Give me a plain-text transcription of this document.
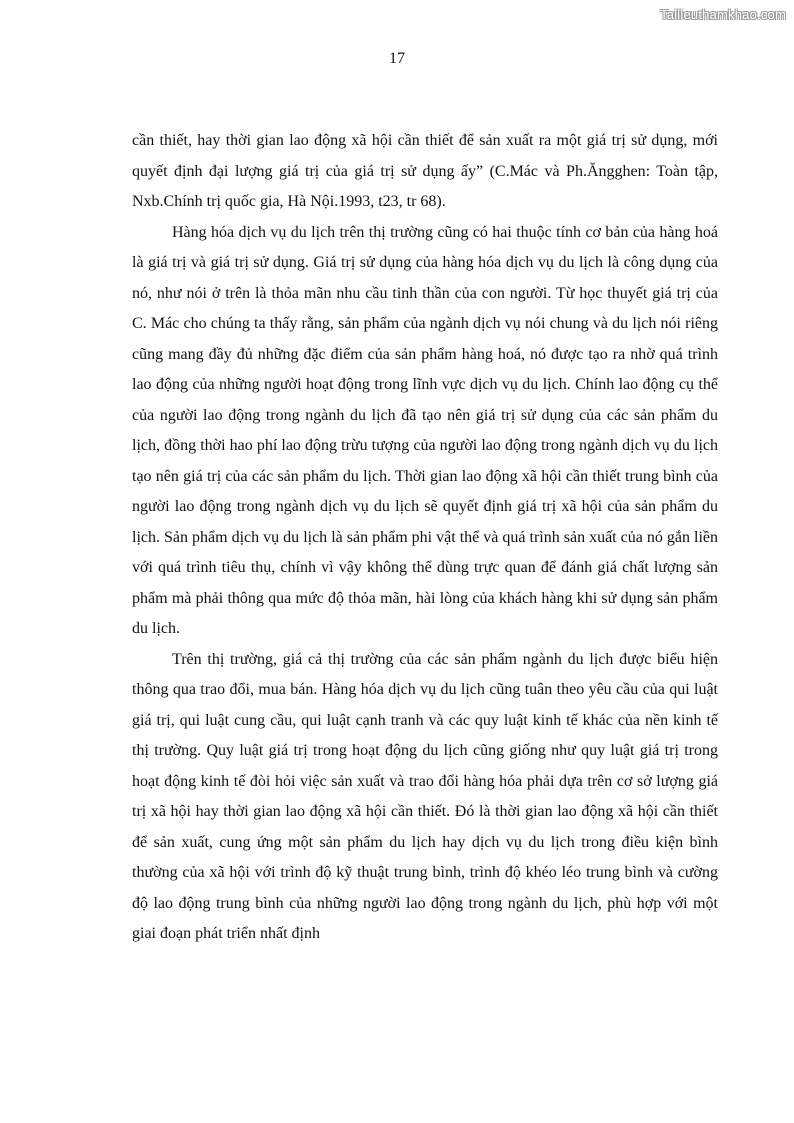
Tailieuthamkhao.com
17

cần thiết, hay thời gian lao động xã hội cần thiết để sản xuất ra một giá trị sử dụng, mới quyết định đại lượng giá trị của giá trị sử dụng ấy” (C.Mác và Ph.Ăngghen: Toàn tập, Nxb.Chính trị quốc gia, Hà Nội.1993, t23, tr 68).

Hàng hóa dịch vụ du lịch trên thị trường cũng có hai thuộc tính cơ bản của hàng hoá là giá trị và giá trị sử dụng. Giá trị sử dụng của hàng hóa dịch vụ du lịch là công dụng của nó, như nói ở trên là thỏa mãn nhu cầu tinh thần của con người. Từ học thuyết giá trị của C. Mác cho chúng ta thấy rằng, sản phẩm của ngành dịch vụ nói chung và du lịch nói riêng cũng mang đầy đủ những đặc điểm của sản phẩm hàng hoá, nó được tạo ra nhờ quá trình lao động của những người hoạt động trong lĩnh vực dịch vụ du lịch. Chính lao động cụ thể của người lao động trong ngành du lịch đã tạo nên giá trị sử dụng của các sản phẩm du lịch, đồng thời hao phí lao động trừu tượng của người lao động trong ngành dịch vụ du lịch tạo nên giá trị của các sản phẩm du lịch. Thời gian lao động xã hội cần thiết trung bình của người lao động trong ngành dịch vụ du lịch sẽ quyết định giá trị xã hội của sản phẩm du lịch. Sản phẩm dịch vụ du lịch là sản phẩm phi vật thể và quá trình sản xuất của nó gắn liền với quá trình tiêu thụ, chính vì vậy không thể dùng trực quan để đánh giá chất lượng sản phẩm mà phải thông qua mức độ thỏa mãn, hài lòng của khách hàng khi sử dụng sản phẩm du lịch.

Trên thị trường, giá cả thị trường của các sản phẩm ngành du lịch được biểu hiện thông qua trao đổi, mua bán. Hàng hóa dịch vụ du lịch cũng tuân theo yêu cầu của qui luật giá trị, qui luật cung cầu, qui luật cạnh tranh và các quy luật kinh tế khác của nền kinh tế thị trường. Quy luật giá trị trong hoạt động du lịch cũng giống như quy luật giá trị trong hoạt động kinh tế đòi hỏi việc sản xuất và trao đổi hàng hóa phải dựa trên cơ sở lượng giá trị xã hội hay thời gian lao động xã hội cần thiết. Đó là thời gian lao động xã hội cần thiết để sản xuất, cung ứng một sản phẩm du lịch hay dịch vụ du lịch trong điều kiện bình thường của xã hội với trình độ kỹ thuật trung bình, trình độ khéo léo trung bình và cường độ lao động trung bình của những người lao động trong ngành du lịch, phù hợp với một giai đoạn phát triển nhất định
